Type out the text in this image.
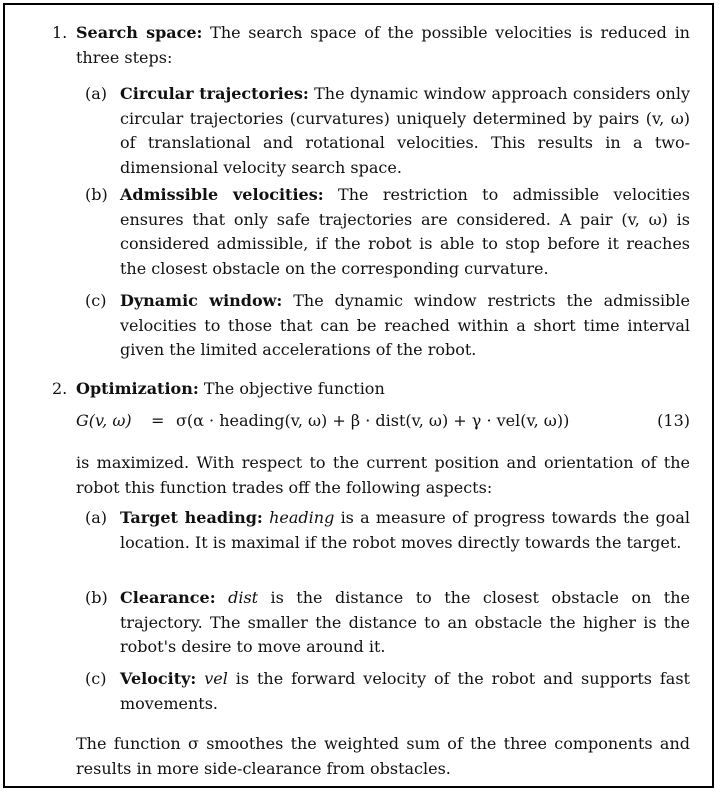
1. Search space: The search space of the possible velocities is reduced in three steps:

(a) Circular trajectories: The dynamic window approach considers only circular trajectories (curvatures) uniquely determined by pairs (v, ω) of translational and rotational velocities. This results in a two-dimensional velocity search space.

(b) Admissible velocities: The restriction to admissible velocities ensures that only safe trajectories are considered. A pair (v, ω) is considered admissible, if the robot is able to stop before it reaches the closest obstacle on the corresponding curvature.

(c) Dynamic window: The dynamic window restricts the admissible velocities to those that can be reached within a short time interval given the limited accelerations of the robot.

2. Optimization: The objective function

G(v, ω) = σ(α · heading(v, ω) + β · dist(v, ω) + γ · vel(v, ω))	(13)

is maximized. With respect to the current position and orientation of the robot this function trades off the following aspects:

(a) Target heading: heading is a measure of progress towards the goal location. It is maximal if the robot moves directly towards the target.

(b) Clearance: dist is the distance to the closest obstacle on the trajectory. The smaller the distance to an obstacle the higher is the robot's desire to move around it.

(c) Velocity: vel is the forward velocity of the robot and supports fast movements.

The function σ smoothes the weighted sum of the three components and results in more side-clearance from obstacles.
